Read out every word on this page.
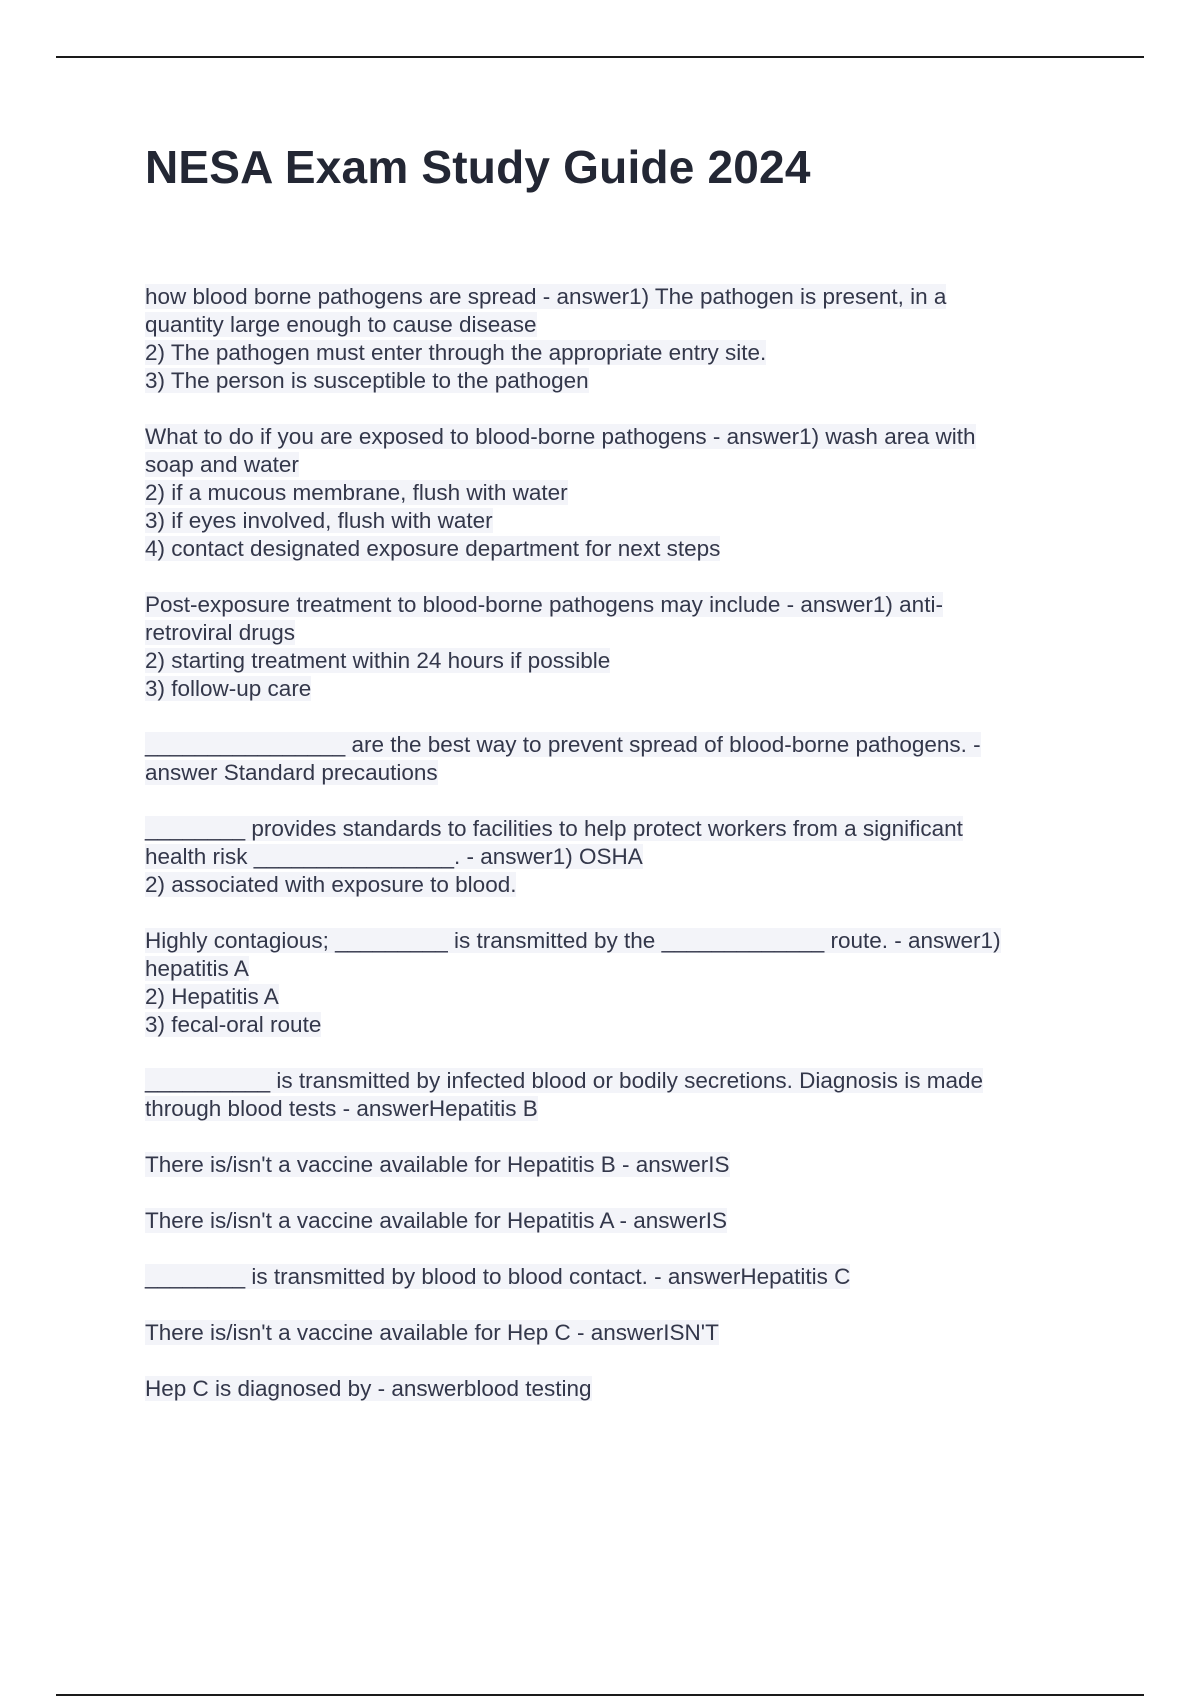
NESA Exam Study Guide 2024
how blood borne pathogens are spread - answer1) The pathogen is present, in a
quantity large enough to cause disease
2) The pathogen must enter through the appropriate entry site.
3) The person is susceptible to the pathogen
What to do if you are exposed to blood-borne pathogens - answer1) wash area with
soap and water
2) if a mucous membrane, flush with water
3) if eyes involved, flush with water
4) contact designated exposure department for next steps
Post-exposure treatment to blood-borne pathogens may include - answer1) anti-
retroviral drugs
2) starting treatment within 24 hours if possible
3) follow-up care
________________ are the best way to prevent spread of blood-borne pathogens. -
answer Standard precautions
________ provides standards to facilities to help protect workers from a significant
health risk ________________. - answer1) OSHA
2) associated with exposure to blood.
Highly contagious; _________ is transmitted by the _____________ route. - answer1)
hepatitis A
2) Hepatitis A
3) fecal-oral route
__________ is transmitted by infected blood or bodily secretions. Diagnosis is made
through blood tests - answerHepatitis B
There is/isn't a vaccine available for Hepatitis B - answerIS
There is/isn't a vaccine available for Hepatitis A - answerIS
________ is transmitted by blood to blood contact. - answerHepatitis C
There is/isn't a vaccine available for Hep C - answerISN'T
Hep C is diagnosed by - answerblood testing
